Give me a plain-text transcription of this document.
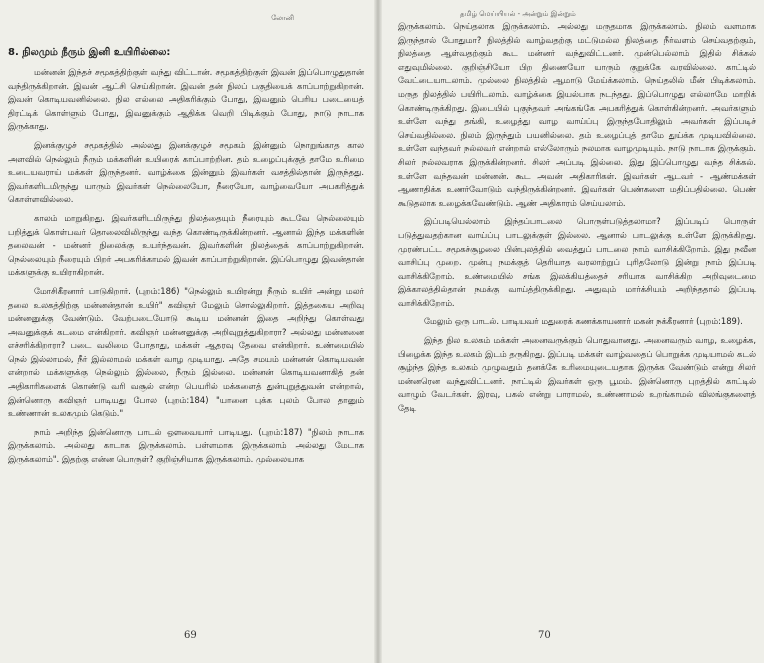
லோனி
8. நிலமும் நீரும் இனி உயிரில்லை:

மன்னன் இந்தச் சமூகத்திற்குள் வந்து விட்டான். சமூகத்திற்குள் இவன் இப்பொழுதுதான் வந்திருக்கிறான். இவன் ஆட்சி செய்கிறான். இவன் தன் நிலப் பகுதியைக் காப்பாற்றுகிறான். இவன் கொடியவனில்லை. நில எல்லை அதிகரிக்கும் போது, இவனும் பெரிய படையைத் திரட்டிக் கொள்ளும் போது, இவனுக்கும் ஆதிக்க வெறி பிடிக்கும் போது, நாடு நாடாக இருக்காது.

இனக்குழுச் சமூகத்தில் அல்லது இனக்குழுச் சமூகம் இன்னும் நொறுங்காத கால அளவில் நெல்லும் நீரும் மக்களின் உயிரைக் காப்பாற்றின. தம் உழைப்புக்குத் தாமே உரிமை உடையவராய் மக்கள் இருந்தனர். வாழ்க்கை இன்னும் இவர்கள் வசத்தில்தான் இருந்தது. இவர்களிடமிருந்து யாரும் இவர்கள் நெல்லையோ, நீரையோ, வாழ்வையோ அபகரித்துக் கொள்ளவில்லை.

காலம் மாறுகிறது. இவர்களிடமிருந்து நிலத்தையும் நீரையும் கூடவே நெல்லையும் பறித்துக் கொள்பவர் தொலைவிலிருந்து வந்த கொண்டிருக்கின்றனர். ஆனால் இந்த மக்களின் தலைவன் - மன்னர் நிலைக்கு உயர்ந்தவன். இவர்களின் நிலத்தைக் காப்பாற்றுகிறான். நெல்லையும் நீரையும் பிறர் அபகரிக்காமல் இவன் காப்பாற்றுகிறான். இப்பொழுது இவன்தான் மக்களுக்கு உயிராகிறான்.

மோசிகீரனார் பாடுகிறார். (புறம்:186) "நெல்லும் உயிரன்று நீரும் உயிர் அன்று மலர் தலை உலகத்திற்கு மன்னன்தான் உயிர்" கவிஞர் மேலும் சொல்லுகிறார். இத்தகைய அறிவு மன்னனுக்கு வேண்டும். வேற்படையோடு கூடிய மன்னன் இதை அறிந்து கொள்வது அவனுக்குக் கடமை என்கிறார். கவிஞர் மன்னனுக்கு அறிவுறுத்துகிறாரா? அல்லது மன்னனை எச்சரிக்கிறாரா? படை வலிமை போதாது, மக்கள் ஆதரவு தேவை என்கிறார். உண்மையில் நெல் இல்லாமல், நீர் இல்லாமல் மக்கள் வாழ முடியாது. அதே சமயம் மன்னன் கொடியவன் என்றால் மக்களுக்கு நெல்லும் இல்லை, நீரும் இல்லை. மன்னன் கொடியவனாகித் தன் அதிகாரிகளைக் கொண்டு வரி வசூல் என்ற பெயரில் மக்களைத் துன்புறுத்துவன் என்றால், இன்னொரு கவிஞர் பாடியது போல (புறம்:184) "யானை புக்க புலம் போல தானும் உண்ணான் உலகமும் கெடும்."

நாம் அறிந்த இன்னொரு பாடல் ஔவையார் பாடியது. (புறம்:187) "நிலம் நாடாக இருக்கலாம். அல்லது காடாக இருக்கலாம். பள்ளமாக இருக்கலாம் அல்லது மேடாக இருக்கலாம்". இதற்கு என்ன பொருள்? குறிஞ்சியாக இருக்கலாம். முல்லையாக

69
தமிழ் மெய்யியல் - அன்றும் இன்றும்

இருக்கலாம். நெய்தலாக இருக்கலாம். அல்லது மருதமாக இருக்கலாம். நிலம் வளமாக இருந்தால் போதுமா? நிலத்தில் வாழ்வதற்கு மட்டுமல்ல நிலத்தை நீர்வளம் செய்வதற்கும், நிலத்தை ஆள்வதற்கும் கூட மன்னர் வந்துவிட்டனர். முன்பெல்லாம் இதில் சிக்கல் எதுவுமில்லை. குறிஞ்சியோ பிற திணையோ யாரும் குறுக்கே வரவில்லை. காட்டில் வேட்டையாடலாம். முல்லை நிலத்தில் ஆமாடு மேய்க்கலாம். நெய்தலில் மீன் பிடிக்கலாம். மருத நிலத்தில் பயிரிடலாம். வாழ்க்கை இயல்பாக நடந்தது. இப்பொழுது எல்லாமே மாறிக் கொண்டிருக்கிறது. இடையில் புகுந்தவர் அங்கங்கே அபகரித்துக் கொள்கின்றனர். அவர்களும் உள்ளே வந்து தங்கி, உழைத்து வாழ வாய்ப்பு இருந்தபோதிலும் அவர்கள் இப்படிச் செய்வதில்லை. நிலம் இருந்தும் பயனில்லை. தம் உழைப்புத் தாமே துய்க்க முடியவில்லை. உள்ளே வந்தவர் நல்லவர் என்றால் எல்லோரும் நலமாக வாழமுடியும். நாடு நாடாக இருக்கும். சிலர் நல்லவராக இருக்கின்றனர். சிலர் அப்படி இல்லை. இது இப்பொழுது வந்த சிக்கல். உள்ளே வந்தவன் மன்னன். கூட அவன் அதிகாரிகள். இவர்கள் ஆடவர் - ஆண்மக்கள் ஆணாதிக்க உணர்வோடும் வந்திருக்கின்றனர். இவர்கள் பெண்களை மதிப்பதில்லை. பெண் கூடுதலாக உழைக்கவேண்டும். ஆண் அதிகாரம் செய்யலாம்.

இப்படியெல்லாம் இந்தப்பாடலை பொருள்படுத்தலாமா? இப்படிப் பொருள் படுத்துவதற்கான வாய்ப்பு பாடலுக்குள் இல்லை. ஆனால் பாடலுக்கு உள்ளே இருக்கிறது. முரண்பட்ட சமூகச்சூழலை பின்புலத்தில் வைத்துப் பாடலை நாம் வாசிக்கிறோம். இது நவீன வாசிப்பு முறை. முன்பு நமக்குத் தெரியாத வரலாற்றுப் புரிதலோடு இன்று நாம் இப்படி வாசிக்கிறோம். உண்மையில் சங்க இலக்கியத்தைச் சரியாக வாசிக்கிற அறிவுடைமை இக்காலத்தில்தான் நமக்கு வாய்த்திருக்கிறது. அதுவும் மார்க்சியம் அறிந்ததால் இப்படி வாசிக்கிறோம்.

மேலும் ஒரு பாடல். பாடியவர் மதுரைக் கணக்காயனார் மகன் நக்கீரனார் (புறம்:189).

இந்த நில உலகம் மக்கள் அனைவருக்கும் பொதுவானது. அனைவரும் வாழ, உழைக்க, பிழைக்க இந்த உலகம் இடம் தருகிறது. இப்படி மக்கள் வாழ்வதைப் பொறுக்க முடியாமல் கடல் சூழ்ந்த இந்த உலகம் முழுவதும் தனக்கே உரிமையுடையதாக இருக்க வேண்டும் என்று சிலர் மன்னரென வந்துவிட்டனர். நாட்டில் இவர்கள் ஒரு பூமம். இன்னொரு புறத்தில் காட்டில் வாழும் வேடர்கள். இரவு, பகல் என்று பாராமல், உண்ணாமல் உறங்காமல் விலங்குகளைத் தேடி

70
